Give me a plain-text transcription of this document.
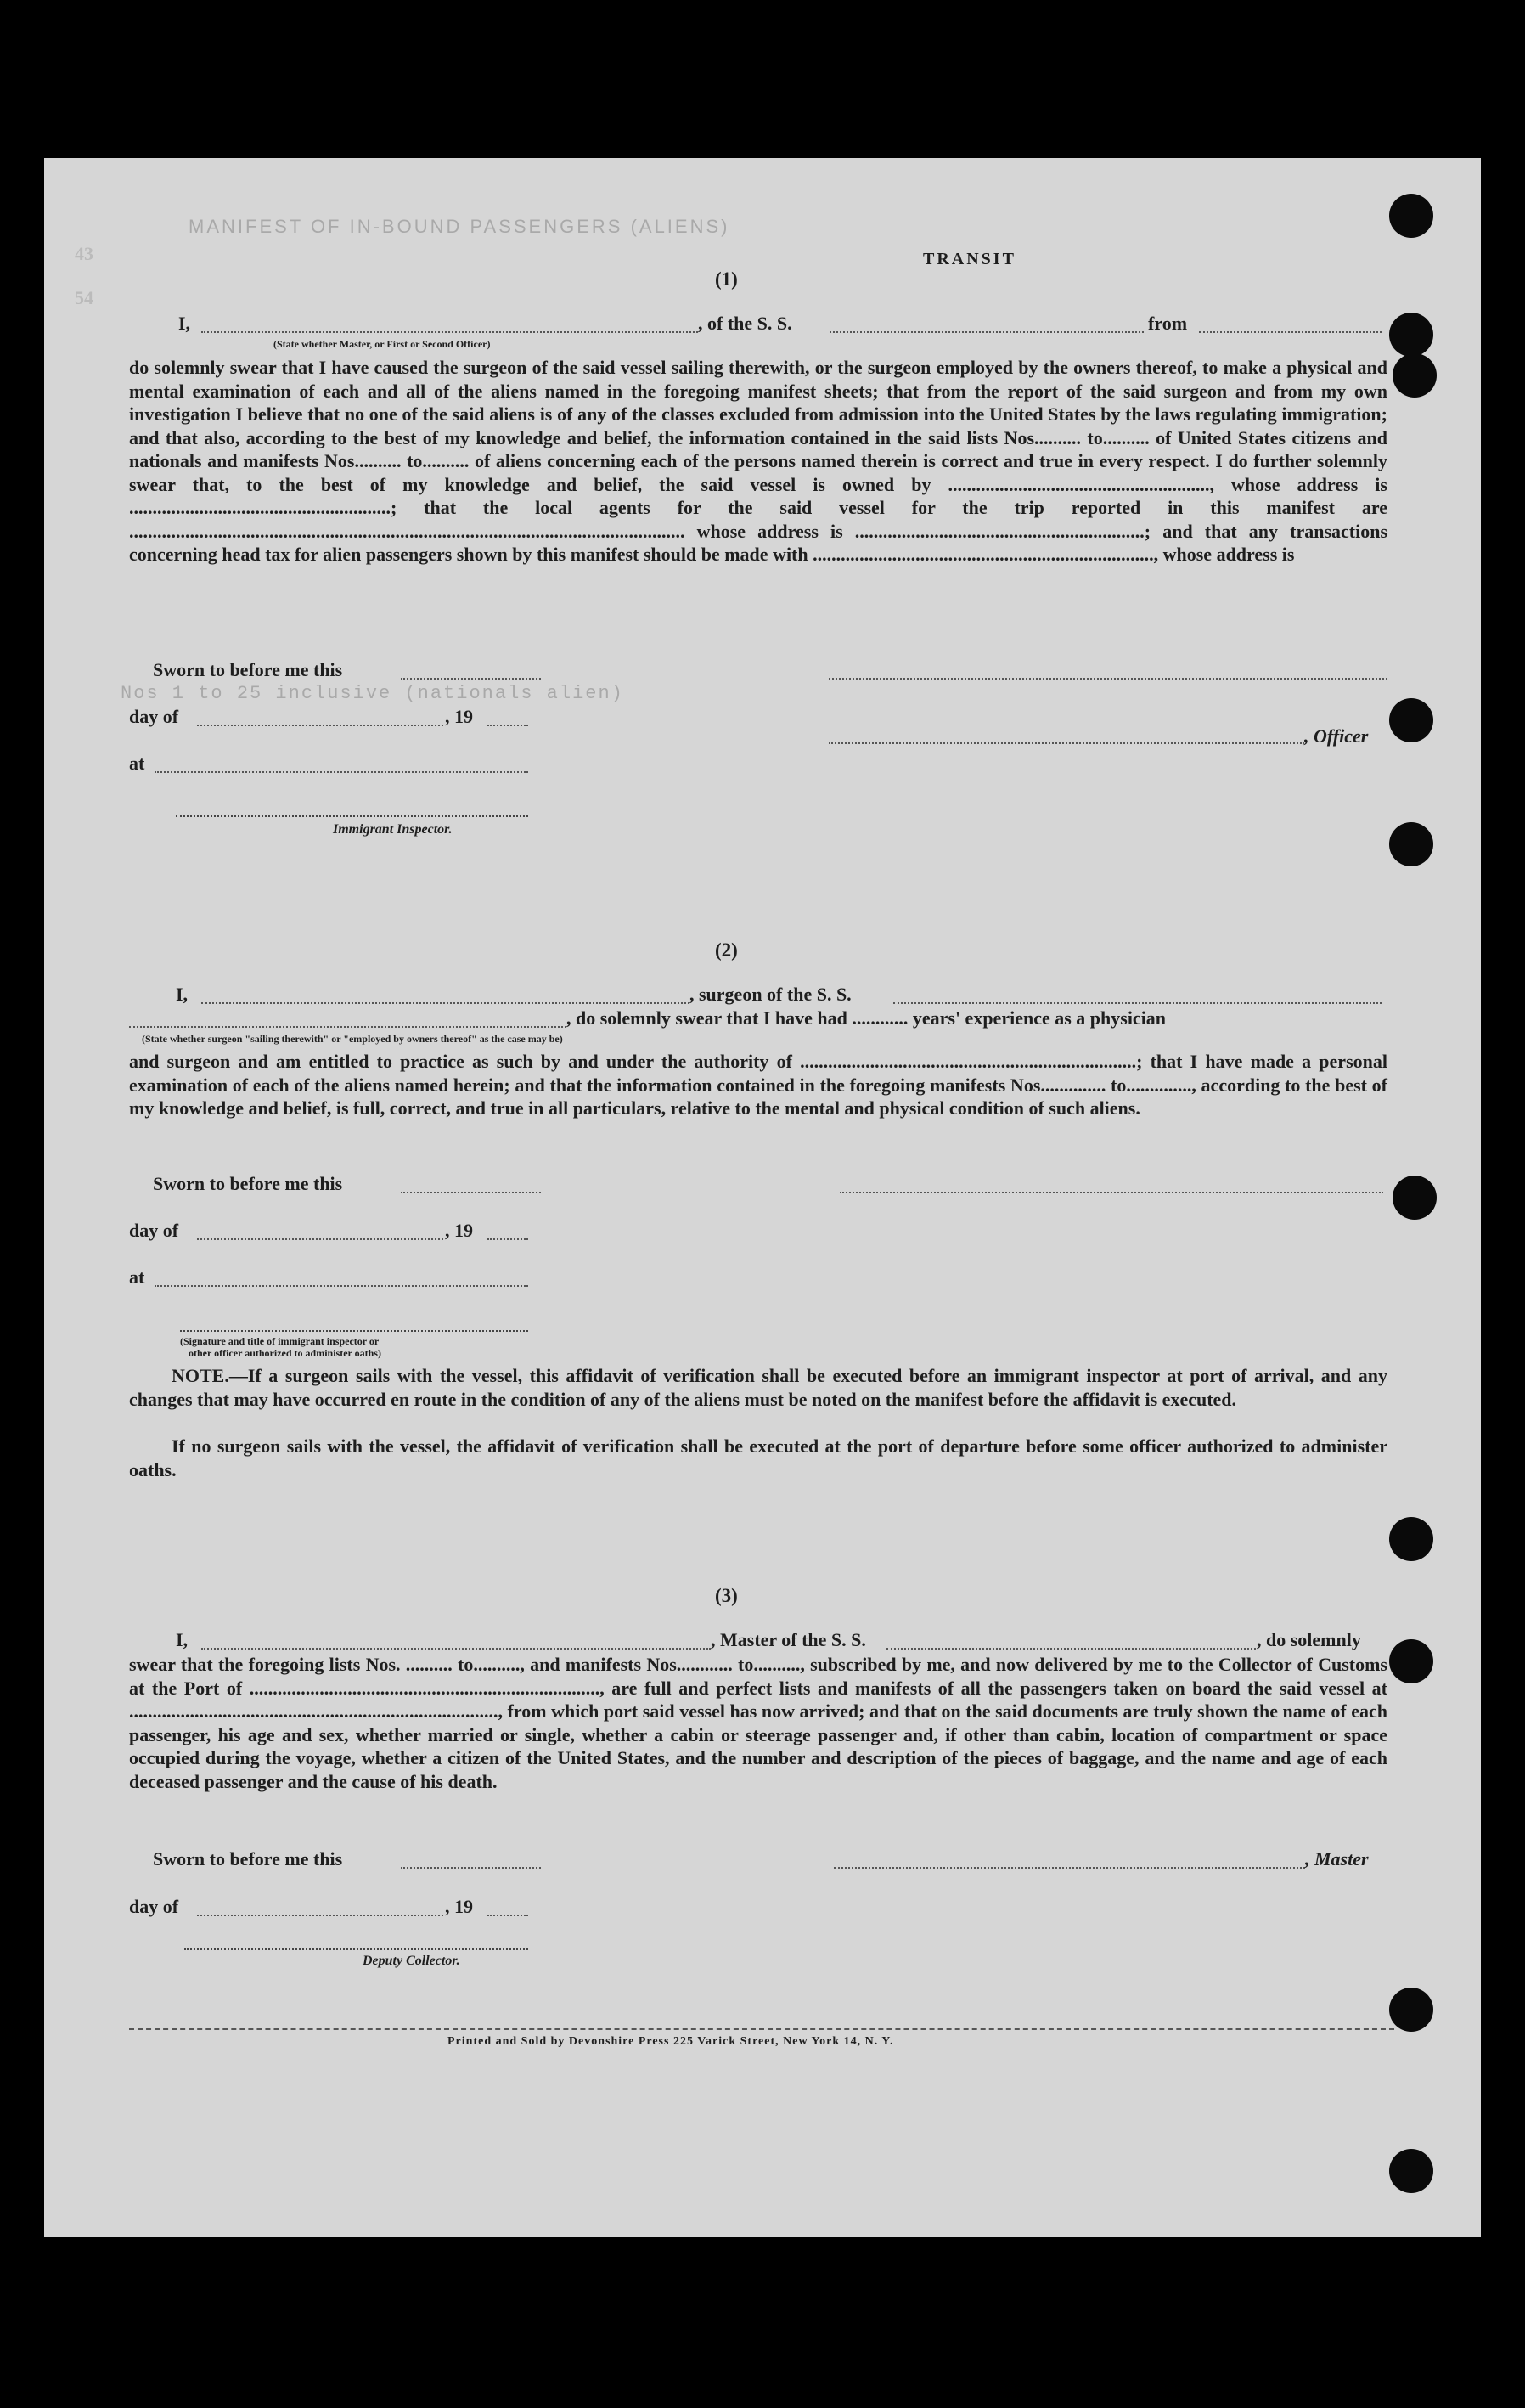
MANIFEST OF IN-BOUND PASSENGERS (ALIENS)
TRANSIT
Nos 1 to 25 inclusive (nationals alien)
(1)
I,	, of the S. S.	from
(State whether Master, or First or Second Officer)
do solemnly swear that I have caused the surgeon of the said vessel sailing therewith, or the surgeon employed by the owners thereof, to make a physical and mental examination of each and all of the aliens named in the foregoing manifest sheets; that from the report of the said surgeon and from my own investigation I believe that no one of the said aliens is of any of the classes excluded from admission into the United States by the laws regulating immigration; and that also, according to the best of my knowledge and belief, the information contained in the said lists Nos.......... to.......... of United States citizens and nationals and manifests Nos.......... to.......... of aliens concerning each of the persons named therein is correct and true in every respect. I do further solemnly swear that, to the best of my knowledge and belief, the said vessel is owned by ........................................................, whose address is ........................................................; that the local agents for the said vessel for the trip reported in this manifest are ....................................................................................................................... whose address is ..............................................................; and that any transactions concerning head tax for alien passengers shown by this manifest should be made with ........................................................................., whose address is
Sworn to before me this
day of	, 19
, Officer
at
Immigrant Inspector.
(2)
I,	, surgeon of the S. S.
, do solemnly swear that I have had ............ years' experience as a physician
(State whether surgeon "sailing therewith" or "employed by owners thereof" as the case may be)
and surgeon and am entitled to practice as such by and under the authority of ........................................................................; that I have made a personal examination of each of the aliens named herein; and that the information contained in the foregoing manifests Nos.............. to.............., according to the best of my knowledge and belief, is full, correct, and true in all particulars, relative to the mental and physical condition of such aliens.
Sworn to before me this
day of	, 19
at
(Signature and title of immigrant inspector or
other officer authorized to administer oaths)
NOTE.—If a surgeon sails with the vessel, this affidavit of verification shall be executed before an immigrant inspector at port of arrival, and any changes that may have occurred en route in the condition of any of the aliens must be noted on the manifest before the affidavit is executed.
If no surgeon sails with the vessel, the affidavit of verification shall be executed at the port of departure before some officer authorized to administer oaths.
(3)
I,	, Master of the S. S.	, do solemnly
swear that the foregoing lists Nos. .......... to.........., and manifests Nos............ to.........., subscribed by me, and now delivered by me to the Collector of Customs at the Port of ..........................................................................., are full and perfect lists and manifests of all the passengers taken on board the said vessel at ..............................................................................., from which port said vessel has now arrived; and that on the said documents are truly shown the name of each passenger, his age and sex, whether married or single, whether a cabin or steerage passenger and, if other than cabin, location of compartment or space occupied during the voyage, whether a citizen of the United States, and the number and description of the pieces of baggage, and the name and age of each deceased passenger and the cause of his death.
Sworn to before me this	, Master
day of	, 19
Deputy Collector.
Printed and Sold by Devonshire Press 225 Varick Street, New York 14, N. Y.
43
54
